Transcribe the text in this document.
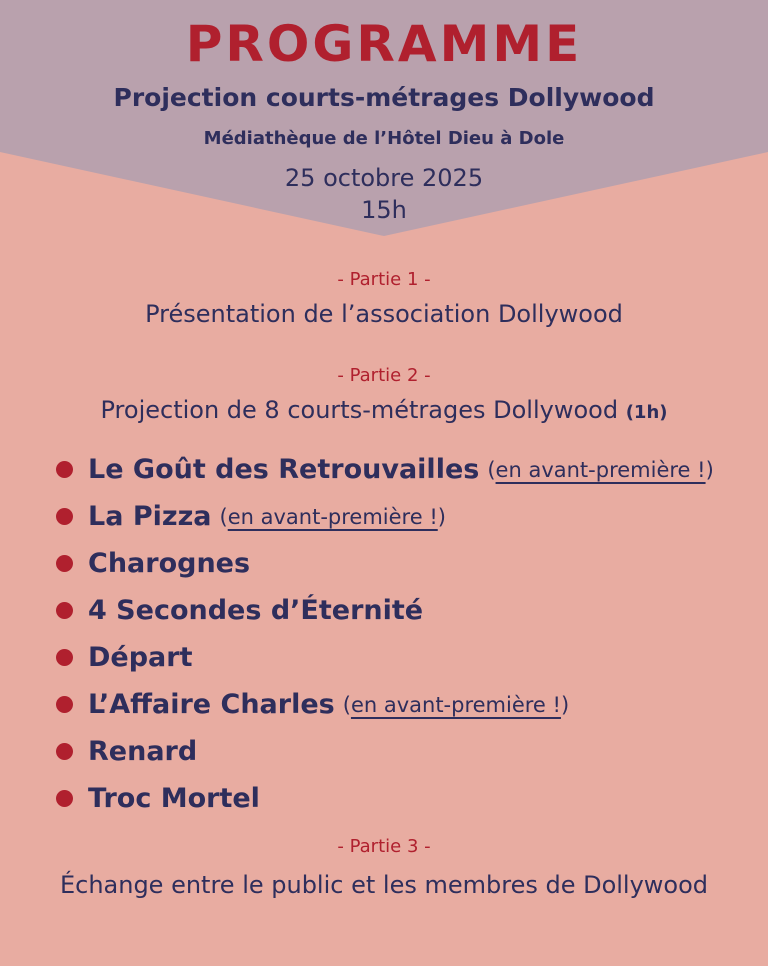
PROGRAMME
Projection courts-métrages Dollywood
Médiathèque de l’Hôtel Dieu à Dole
25 octobre 2025
15h
- Partie 1 -
Présentation de l’association Dollywood
- Partie 2 -
Projection de 8 courts-métrages Dollywood (1h)
Le Goût des Retrouvailles (en avant-première !)
La Pizza (en avant-première !)
Charognes
4 Secondes d’Éternité
Départ
L’Affaire Charles (en avant-première !)
Renard
Troc Mortel
- Partie 3 -
Échange entre le public et les membres de Dollywood
